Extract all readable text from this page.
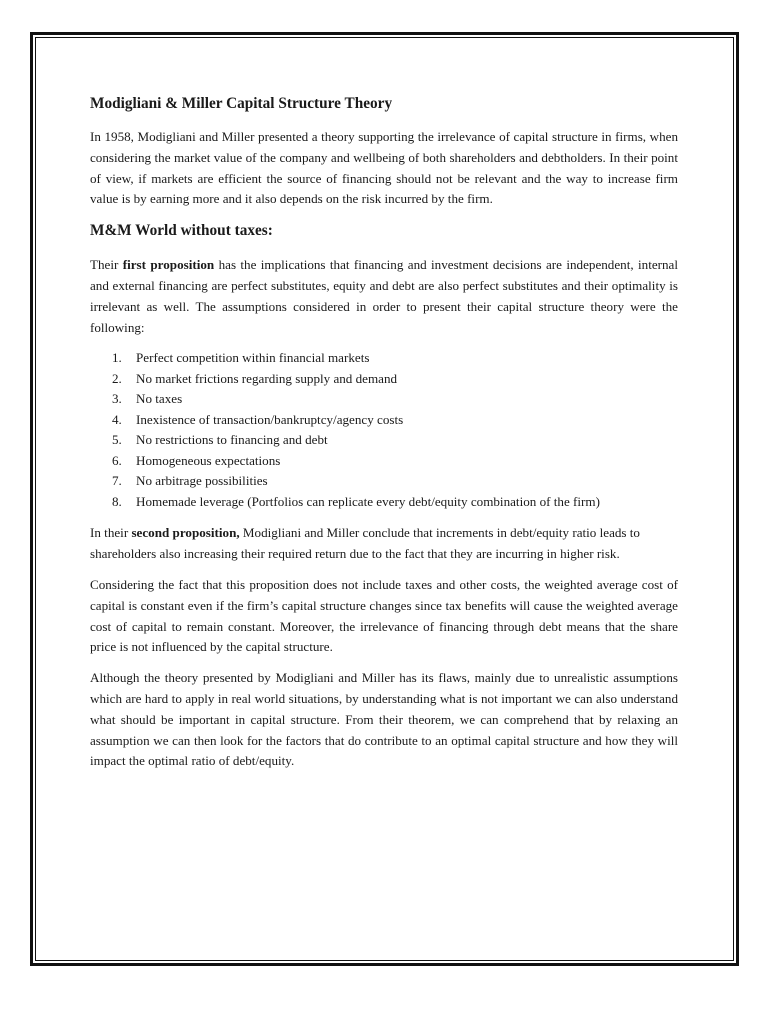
Modigliani & Miller Capital Structure Theory

In 1958, Modigliani and Miller presented a theory supporting the irrelevance of capital structure in firms, when considering the market value of the company and wellbeing of both shareholders and debtholders. In their point of view, if markets are efficient the source of financing should not be relevant and the way to increase firm value is by earning more and it also depends on the risk incurred by the firm.

M&M World without taxes:

Their first proposition has the implications that financing and investment decisions are independent, internal and external financing are perfect substitutes, equity and debt are also perfect substitutes and their optimality is irrelevant as well. The assumptions considered in order to present their capital structure theory were the following:

1. Perfect competition within financial markets
2. No market frictions regarding supply and demand
3. No taxes
4. Inexistence of transaction/bankruptcy/agency costs
5. No restrictions to financing and debt
6. Homogeneous expectations
7. No arbitrage possibilities
8. Homemade leverage (Portfolios can replicate every debt/equity combination of the firm)

In their second proposition, Modigliani and Miller conclude that increments in debt/equity ratio leads to shareholders also increasing their required return due to the fact that they are incurring in higher risk.

Considering the fact that this proposition does not include taxes and other costs, the weighted average cost of capital is constant even if the firm’s capital structure changes since tax benefits will cause the weighted average cost of capital to remain constant. Moreover, the irrelevance of financing through debt means that the share price is not influenced by the capital structure.

Although the theory presented by Modigliani and Miller has its flaws, mainly due to unrealistic assumptions which are hard to apply in real world situations, by understanding what is not important we can also understand what should be important in capital structure. From their theorem, we can comprehend that by relaxing an assumption we can then look for the factors that do contribute to an optimal capital structure and how they will impact the optimal ratio of debt/equity.
